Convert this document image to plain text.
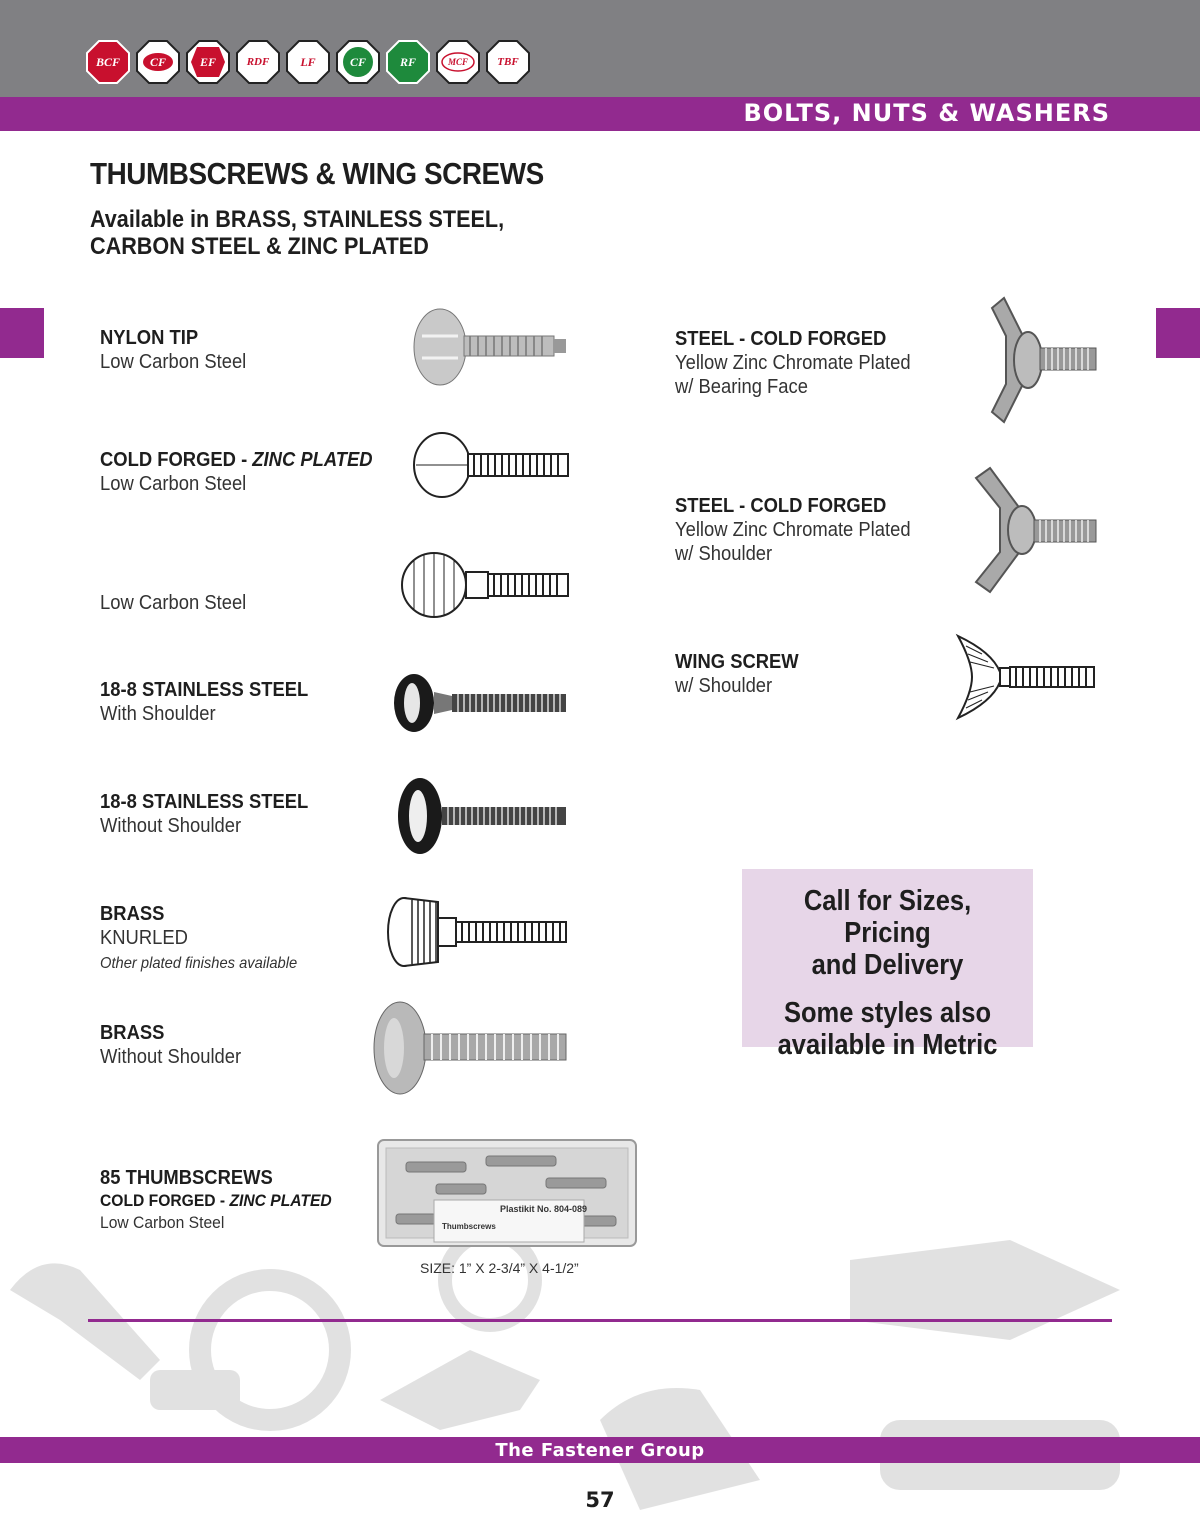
BCF	CF	EF	RDF	LF	CF	RF	MCF	TBF
BOLTS, NUTS & WASHERS
THUMBSCREWS & WING SCREWS
Available in BRASS, STAINLESS STEEL,
CARBON STEEL & ZINC PLATED
NYLON TIP
Low Carbon Steel
COLD FORGED - ZINC PLATED
Low Carbon Steel
Low Carbon Steel
18-8 STAINLESS STEEL
With Shoulder
18-8 STAINLESS STEEL
Without Shoulder
BRASS
KNURLED
Other plated finishes available
BRASS
Without Shoulder
85 THUMBSCREWS
COLD FORGED - ZINC PLATED
Low Carbon Steel	Thumbscrews
Plastikit No. 804-089
SIZE: 1” X 2-3/4” X 4-1/2”
STEEL - COLD FORGED
Yellow Zinc Chromate Plated
w/ Bearing Face
STEEL - COLD FORGED
Yellow Zinc Chromate Plated
w/ Shoulder
WING SCREW
w/ Shoulder

Call for Sizes, Pricing

and Delivery

Some styles also

available in Metric

The Fastener Group
57
